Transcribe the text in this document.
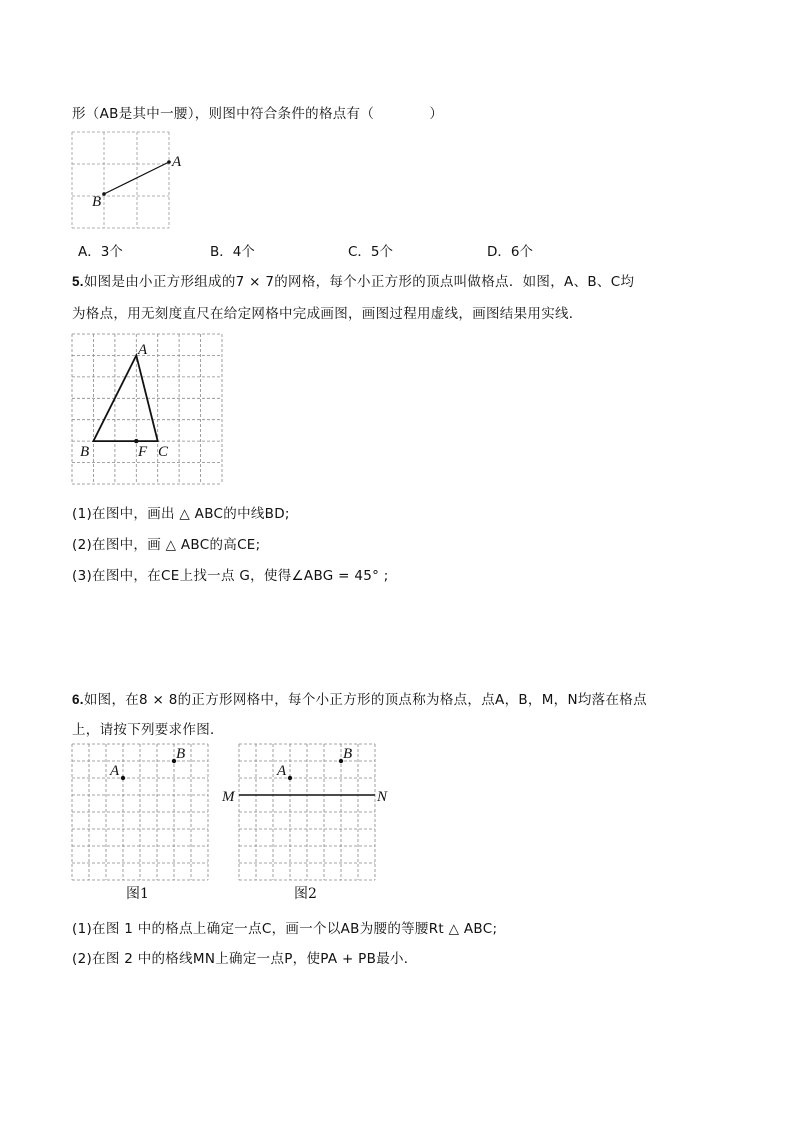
形（AB是其中一腰），则图中符合条件的格点有（　　　　）
A
B
A．3个	B．4个	C．5个	D．6个
5.如图是由小正方形组成的7 × 7的网格，每个小正方形的顶点叫做格点．如图，A、B、C均
为格点，用无刻度直尺在给定网格中完成画图，画图过程用虚线，画图结果用实线．
A
B	F C
(1)在图中，画出 △ ABC的中线BD;
(2)在图中，画 △ ABC的高CE;
(3)在图中，在CE上找一点 G，使得∠ABG = 45° ;
6.如图，在8 × 8的正方形网格中，每个小正方形的顶点称为格点，点A，B，M，N均落在格点
上，请按下列要求作图．
A
B
图1
A
B
M	N
图2
(1)在图 1 中的格点上确定一点C，画一个以AB为腰的等腰Rt △ ABC;
(2)在图 2 中的格线MN上确定一点P，使PA + PB最小．
